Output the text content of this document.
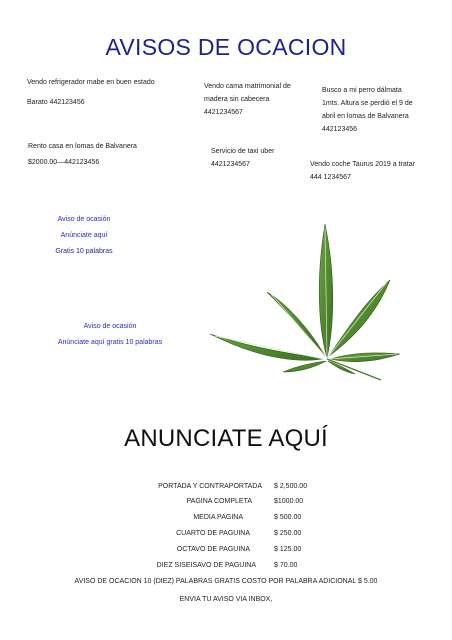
AVISOS DE OCACION

Vendo refrigerador mabe en buen estado

Barato 442123456

Vendo cama matrimonial de

madera sin cabecera

4421234567

Busco a mi perro dálmata

1mts. Altura se perdió el 9 de

abril en lomas de Balvanera

442123456

Rento casa en lomas de Balvanera

$2000.00—442123456

Servicio de taxi uber

4421234567	Vendo coche Taurus 2019 a tratar

444 1234567

Aviso de ocasión

Anúnciate aquí

Gratis 10 palabras

Aviso de ocasión

Anúnciate aquí gratis 10 palabras

ANUNCIATE AQUÍ
PORTADA Y CONTRAPORTADA $ 2,500.00
PAGINA COMPLETA	$1000.00
MEDIA PAGINA	$ 500.00
CUARTO DE PAGUINA	$ 250.00
OCTAVO DE PAGUINA	$ 125.00
DIEZ SISEISAVO DE PAGUINA	$ 70.00
AVISO DE OCACION 10 (DIEZ) PALABRAS GRATIS COSTO POR PALABRA ADICIONAL $ 5.00
ENVIA TU AVISO VIA INBOX,
